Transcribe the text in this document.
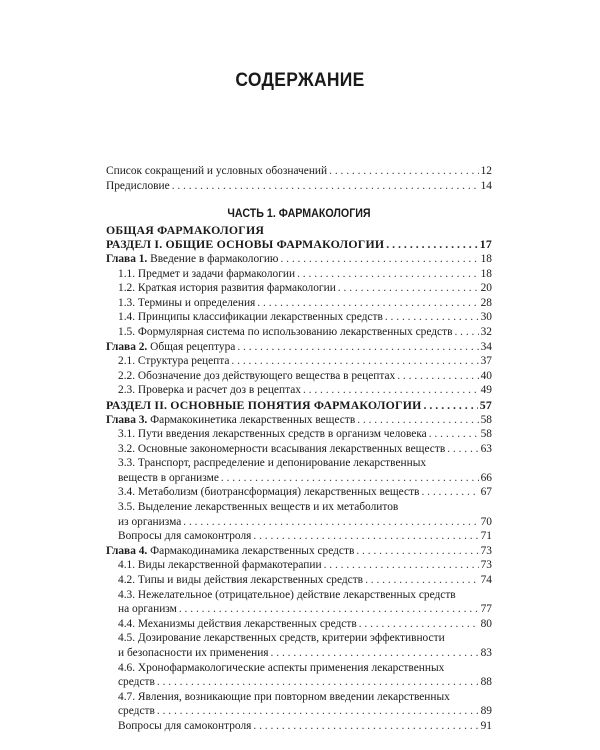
СОДЕРЖАНИЕ
Список сокращений и условных обозначений . . .	12
Предисловие . . .	14
ЧАСТЬ 1. ФАРМАКОЛОГИЯ
ОБЩАЯ ФАРМАКОЛОГИЯ
РАЗДЕЛ I. ОБЩИЕ ОСНОВЫ ФАРМАКОЛОГИИ . . .	17
Глава 1. Введение в фармакологию . . .	18
1.1. Предмет и задачи фармакологии . . .	18
1.2. Краткая история развития фармакологии . . .	20
1.3. Термины и определения . . .	28
1.4. Принципы классификации лекарственных средств . . .	30
1.5. Формулярная система по использованию лекарственных средств . . . 32
Глава 2. Общая рецептура . . .	34
2.1. Структура рецепта . . .	37
2.2. Обозначение доз действующего вещества в рецептах . . .	40
2.3. Проверка и расчет доз в рецептах . . .	49
РАЗДЕЛ II. ОСНОВНЫЕ ПОНЯТИЯ ФАРМАКОЛОГИИ . . .	57
Глава 3. Фармакокинетика лекарственных веществ . . .	58
3.1. Пути введения лекарственных средств в организм человека . . .	58
3.2. Основные закономерности всасывания лекарственных веществ . . .	63
3.3. Транспорт, распределение и депонирование лекарственных
веществ в организме . . .	66
3.4. Метаболизм (биотрансформация) лекарственных веществ . . .	67
3.5. Выделение лекарственных веществ и их метаболитов
из организма . . .	70
Вопросы для самоконтроля . . .	71
Глава 4. Фармакодинамика лекарственных средств . . .	73
4.1. Виды лекарственной фармакотерапии . . .	73
4.2. Типы и виды действия лекарственных средств . . .	74
4.3. Нежелательное (отрицательное) действие лекарственных средств
на организм . . .	77
4.4. Механизмы действия лекарственных средств . . .	80
4.5. Дозирование лекарственных средств, критерии эффективности
и безопасности их применения . . .	83
4.6. Хронофармакологические аспекты применения лекарственных
средств . . .	88
4.7. Явления, возникающие при повторном введении лекарственных
средств . . .	89
Вопросы для самоконтроля . . .	91
